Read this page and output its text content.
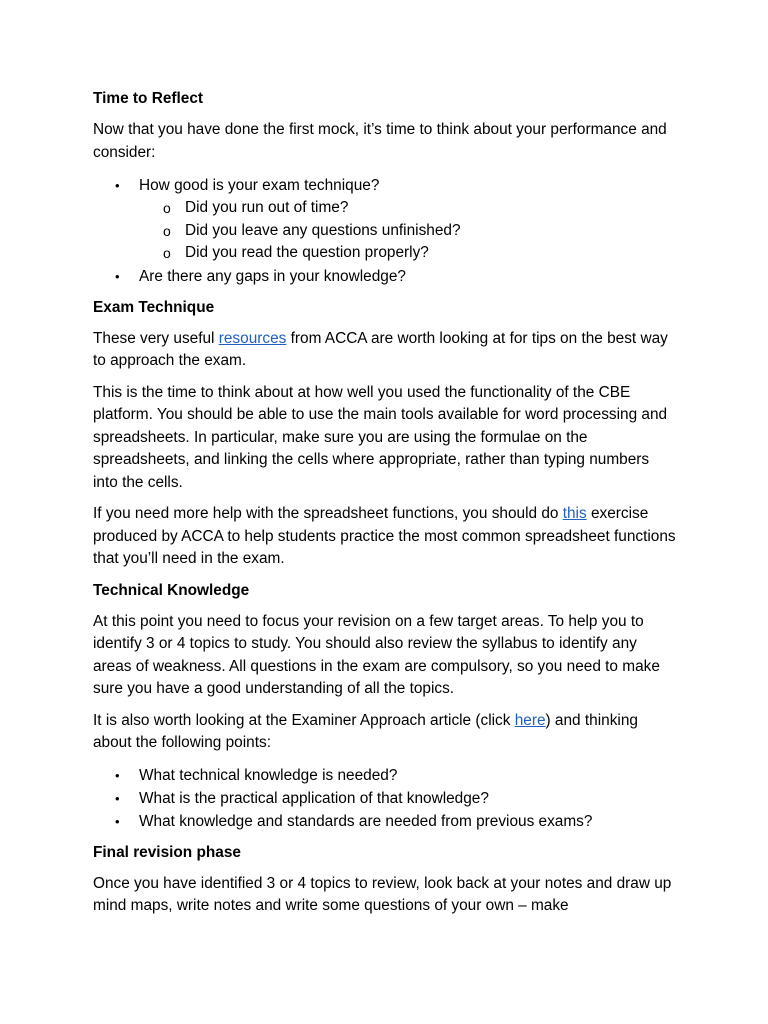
Time to Reflect

Now that you have done the first mock, it’s time to think about your performance and consider:

• How good is your exam technique?
o Did you run out of time?
o Did you leave any questions unfinished?
o Did you read the question properly?
• Are there any gaps in your knowledge?
Exam Technique

These very useful resources from ACCA are worth looking at for tips on the best way to approach the exam.

This is the time to think about at how well you used the functionality of the CBE platform. You should be able to use the main tools available for word processing and spreadsheets. In particular, make sure you are using the formulae on the spreadsheets, and linking the cells where appropriate, rather than typing numbers into the cells.

If you need more help with the spreadsheet functions, you should do this exercise produced by ACCA to help students practice the most common spreadsheet functions that you’ll need in the exam.

Technical Knowledge

At this point you need to focus your revision on a few target areas. To help you to identify 3 or 4 topics to study. You should also review the syllabus to identify any areas of weakness. All questions in the exam are compulsory, so you need to make sure you have a good understanding of all the topics.

It is also worth looking at the Examiner Approach article (click here) and thinking about the following points:

• What technical knowledge is needed?
• What is the practical application of that knowledge?
• What knowledge and standards are needed from previous exams?
Final revision phase

Once you have identified 3 or 4 topics to review, look back at your notes and draw up mind maps, write notes and write some questions of your own – make
